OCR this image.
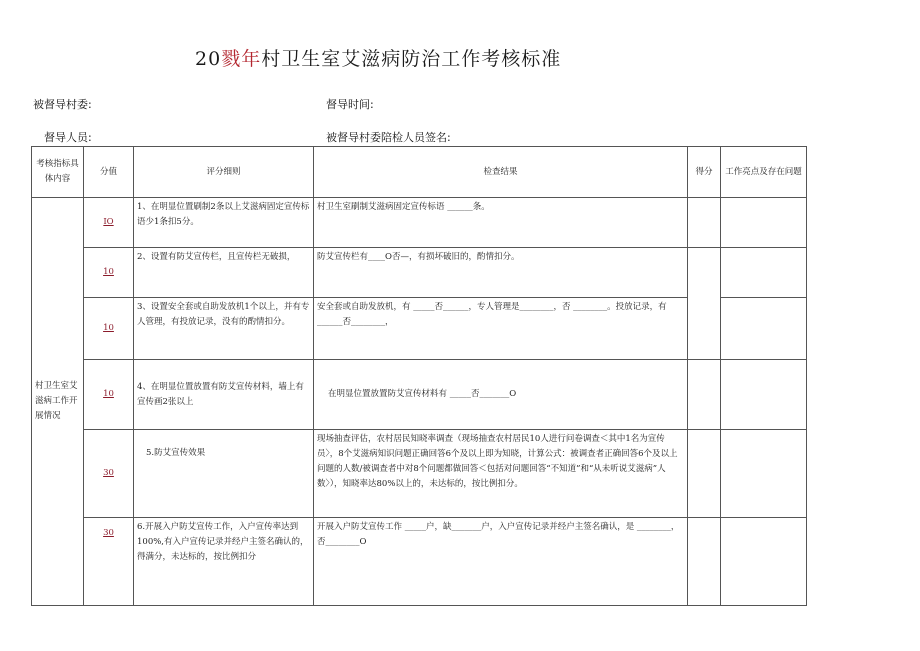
20戮年村卫生室艾滋病防治工作考核标准
被督导村委:	督导时间:
督导人员:	被督导村委陪检人员签名:
考核指标具体内容	分值	评分细则	检查结果	得分	工作亮点及存在问题
村卫生室艾滋病工作开展情况	IO	1、在明显位置刷制2条以上艾滋病固定宣传标语少1条扣5分。	村卫生室刷制艾滋病固定宣传标语 ______条。		
	10	2、设置有防艾宣传栏，且宣传栏无破损，	防艾宣传栏有____O否—，有损坏破旧的，酌情扣分。		
	10	3、设置安全套或自助发放机1个以上，并有专人管理，有投放记录，没有的酌情扣分。	安全套或自助发放机，有 _____否______，专人管理是________，否 ________。投放记录，有 ______否________，		
	10	4、在明显位置放置有防艾宣传材料，墙上有宣传画2张以上	在明显位置放置防艾宣传材料有 _____否_______O		
	30	5.防艾宣传效果	现场抽查评估，农村居民知晓率调查（现场抽查农村居民10人进行问卷调查＜其中1名为宣传员〉，8个艾滋病知识问题正确回答6个及以上即为知晓，计算公式：被调查者正确回答6个及以上问题的人数/被调查者中对8个问题都做回答＜包括对问题回答“不知道”和“从未听说艾滋病”人数〉），知晓率达80%以上的，未达标的，按比例扣分。		
	30	6.开展入户防艾宣传工作，入户宣传率达到100%,有入户宣传记录并经户主签名确认的，得满分，未达标的，按比例扣分	开展入户防艾宣传工作 _____户，缺_______户，入户宣传记录并经户主签名确认，是 ________，否________O		
